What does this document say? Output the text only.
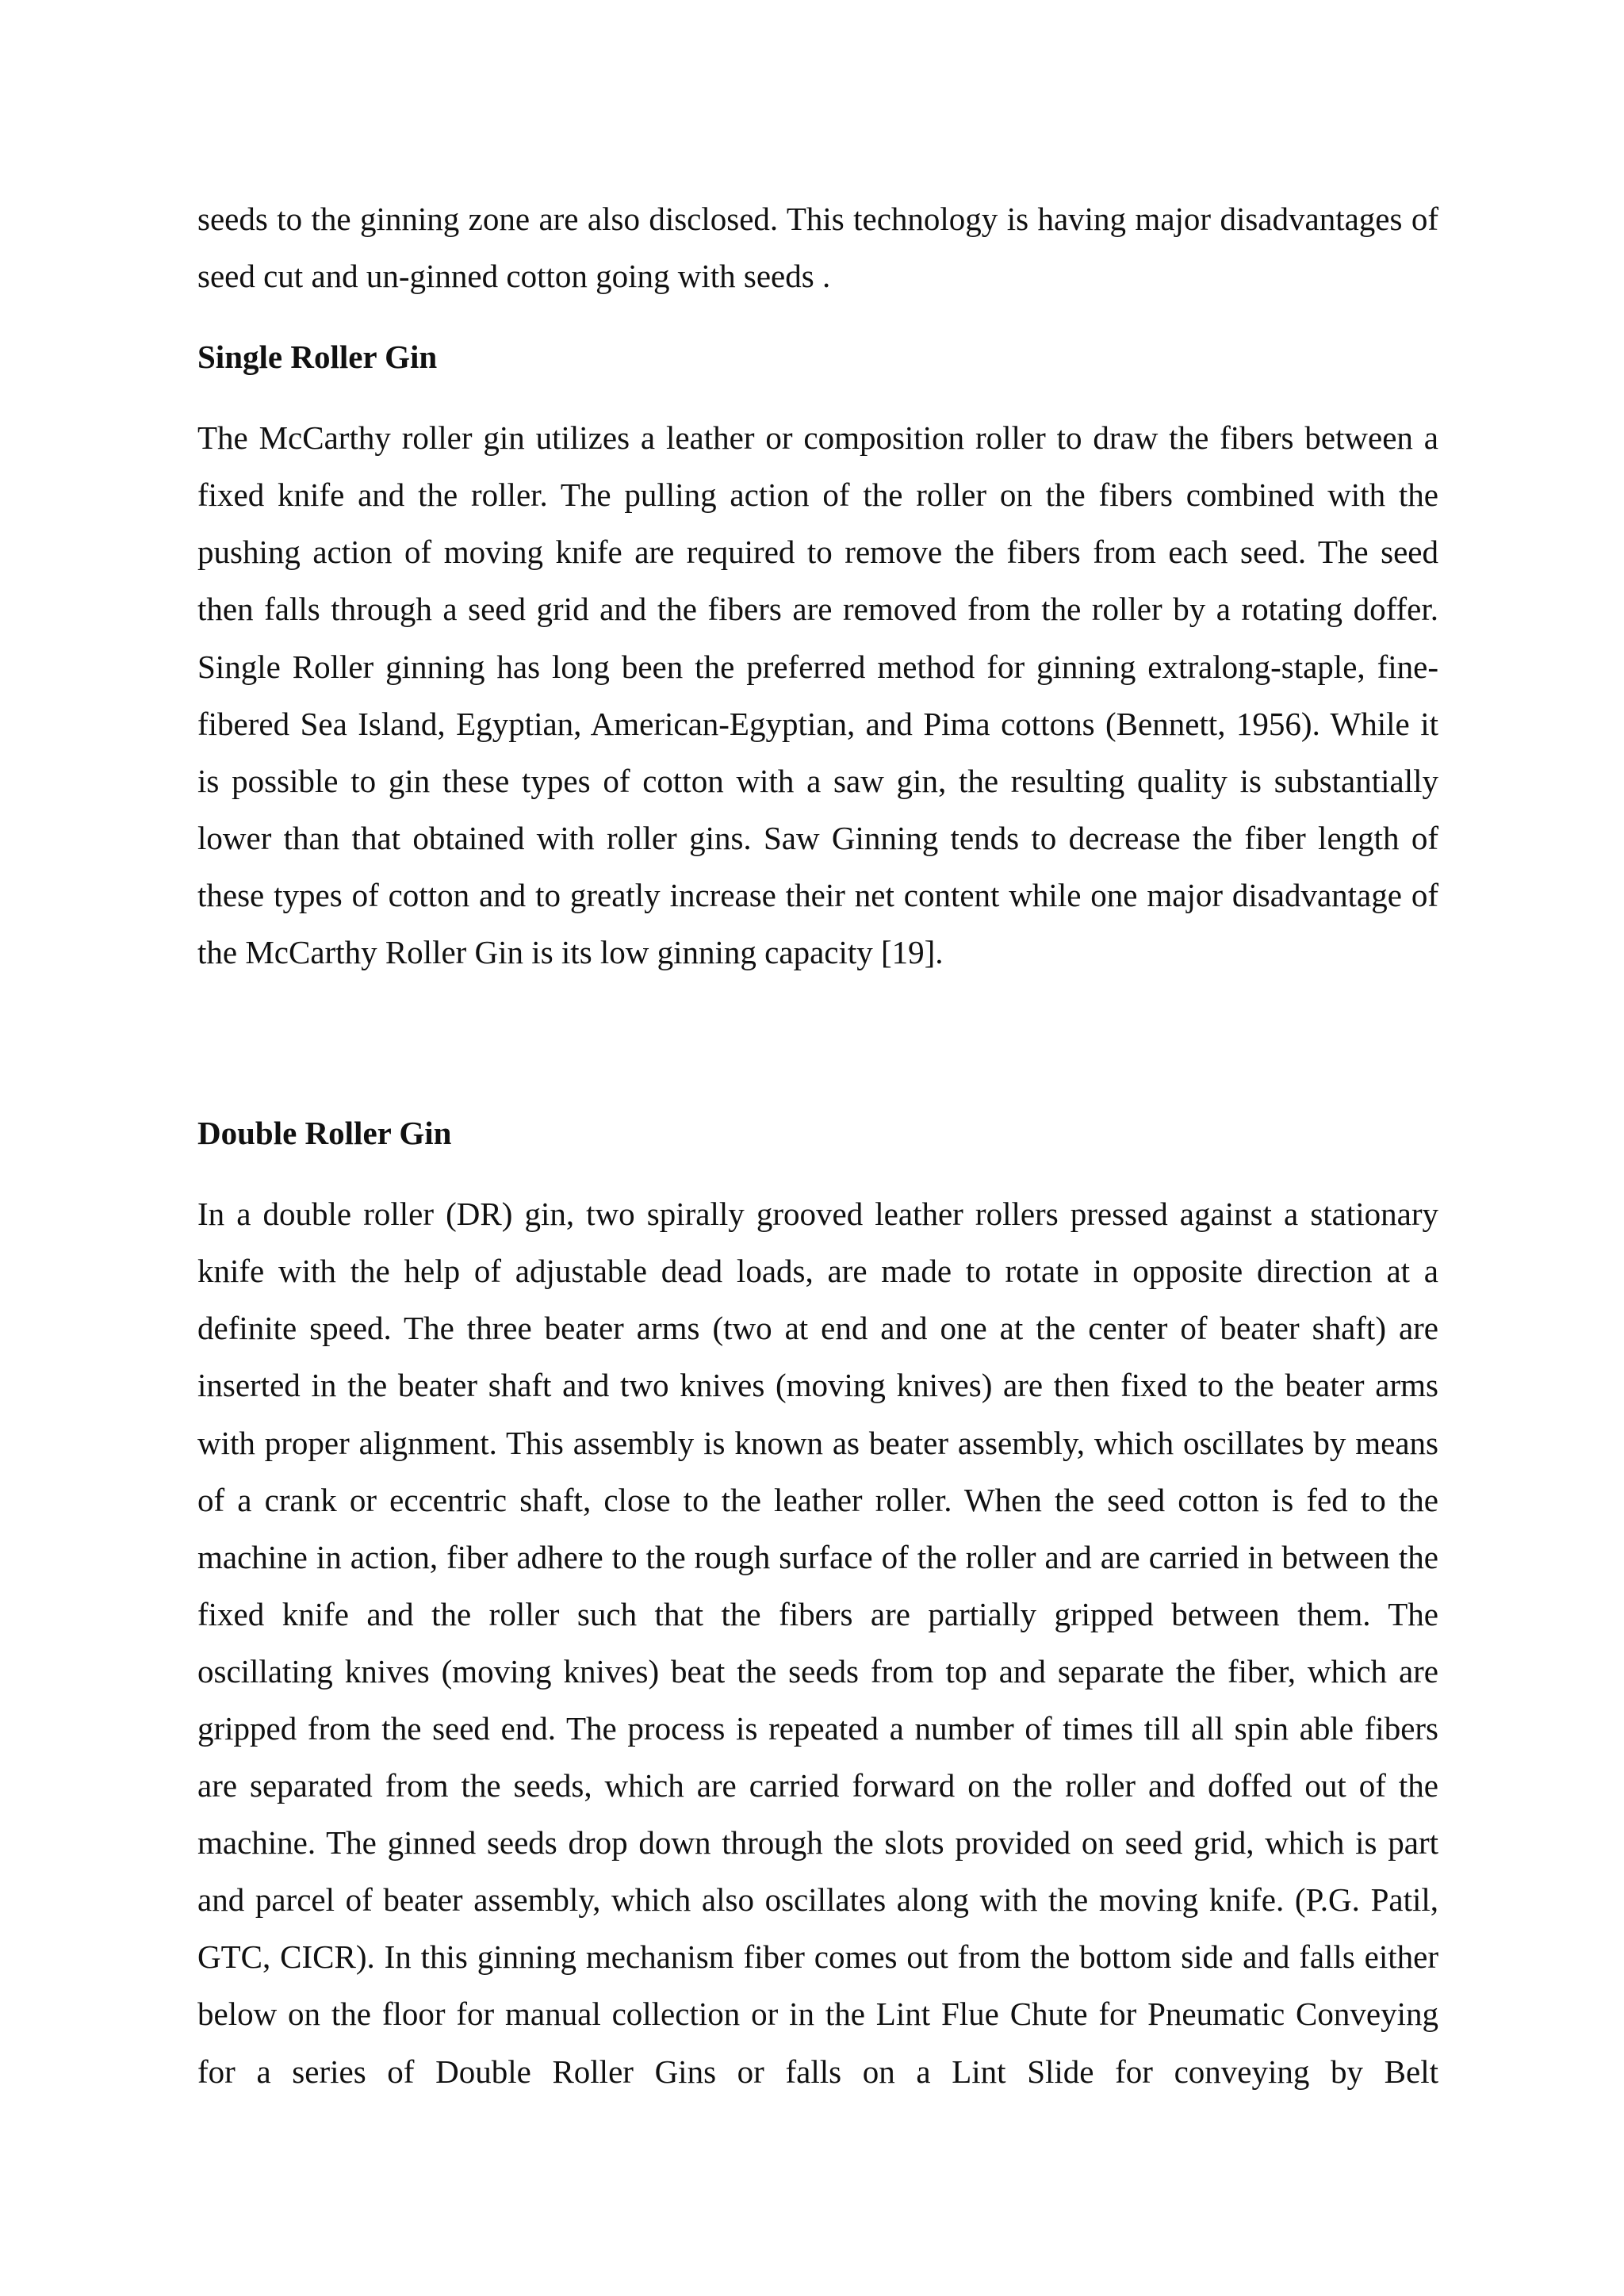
seeds to the ginning zone are also disclosed. This technology is having major disadvantages of seed cut and un-ginned cotton going with seeds .

Single Roller Gin

The McCarthy roller gin utilizes a leather or composition roller to draw the fibers between a fixed knife and the roller. The pulling action of the roller on the fibers combined with the pushing action of moving knife are required to remove the fibers from each seed. The seed then falls through a seed grid and the fibers are removed from the roller by a rotating doffer. Single Roller ginning has long been the preferred method for ginning extralong-staple, fine-fibered Sea Island, Egyptian, American-Egyptian, and Pima cottons (Bennett, 1956). While it is possible to gin these types of cotton with a saw gin, the resulting quality is substantially lower than that obtained with roller gins. Saw Ginning tends to decrease the fiber length of these types of cotton and to greatly increase their net content while one major disadvantage of the McCarthy Roller Gin is its low ginning capacity [19].

Double Roller Gin

In a double roller (DR) gin, two spirally grooved leather rollers pressed against a stationary knife with the help of adjustable dead loads, are made to rotate in opposite direction at a definite speed. The three beater arms (two at end and one at the center of beater shaft) are inserted in the beater shaft and two knives (moving knives) are then fixed to the beater arms with proper alignment. This assembly is known as beater assembly, which oscillates by means of a crank or eccentric shaft, close to the leather roller. When the seed cotton is fed to the machine in action, fiber adhere to the rough surface of the roller and are carried in between the fixed knife and the roller such that the fibers are partially gripped between them. The oscillating knives (moving knives) beat the seeds from top and separate the fiber, which are gripped from the seed end. The process is repeated a number of times till all spin able fibers are separated from the seeds, which are carried forward on the roller and doffed out of the machine. The ginned seeds drop down through the slots provided on seed grid, which is part and parcel of beater assembly, which also oscillates along with the moving knife. (P.G. Patil, GTC, CICR). In this ginning mechanism fiber comes out from the bottom side and falls either below on the floor for manual collection or in the Lint Flue Chute for Pneumatic Conveying for a series of Double Roller Gins or falls on a Lint Slide for conveying by Belt
